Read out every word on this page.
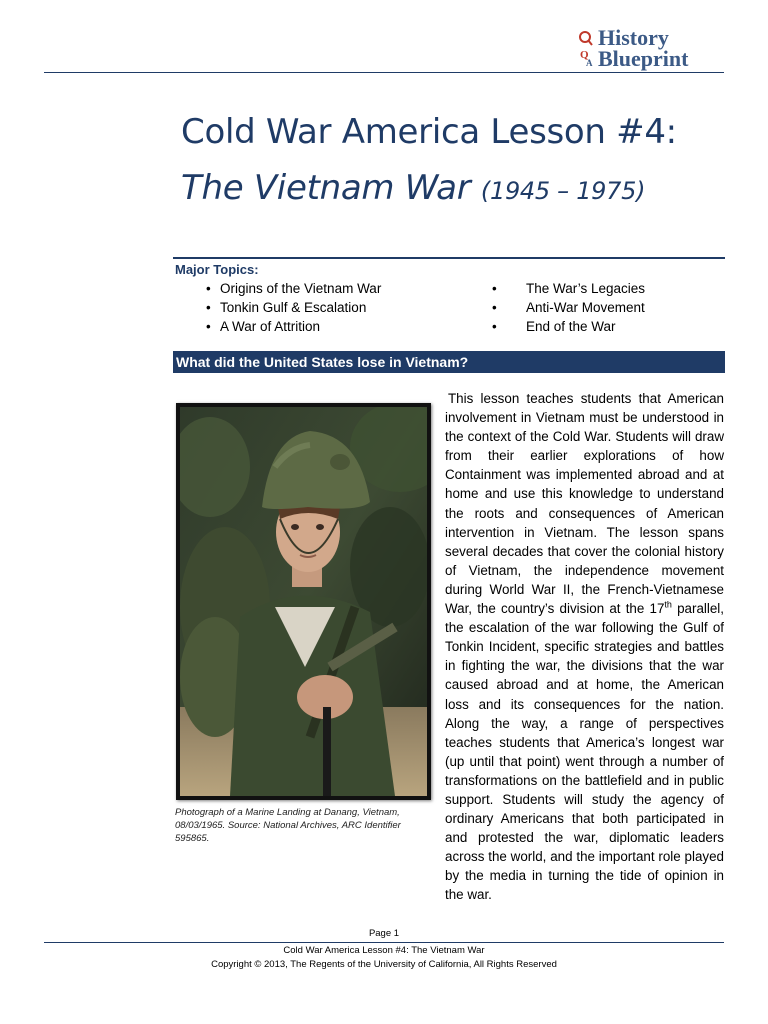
Q
A
History
Blueprint
Cold War America Lesson #4:
The Vietnam War (1945 – 1975)
Major Topics:
• Origins of the Vietnam War
• Tonkin Gulf & Escalation
• A War of Attrition
• The War’s Legacies
• Anti-War Movement
• End of the War
What did the United States lose in Vietnam?
Photograph of a Marine Landing at Danang, Vietnam, 08/03/1965. Source: National Archives, ARC Identifier 595865.

This lesson teaches students that American involvement in Vietnam must be understood in the context of the Cold War. Students will draw from their earlier explorations of how Containment was implemented abroad and at home and use this knowledge to understand the roots and consequences of American intervention in Vietnam. The lesson spans several decades that cover the colonial history of Vietnam, the independence movement during World War II, the French-Vietnamese War, the country’s division at the 17th parallel, the escalation of the war following the Gulf of Tonkin Incident, specific strategies and battles in fighting the war, the divisions that the war caused abroad and at home, the American loss and its consequences for the nation. Along the way, a range of perspectives teaches students that America’s longest war (up until that point) went through a number of transformations on the battlefield and in public support. Students will study the agency of ordinary Americans that both participated in and protested the war, diplomatic leaders across the world, and the important role played by the media in turning the tide of opinion in the war.

Page 1
Cold War America Lesson #4: The Vietnam War
Copyright © 2013, The Regents of the University of California, All Rights Reserved
